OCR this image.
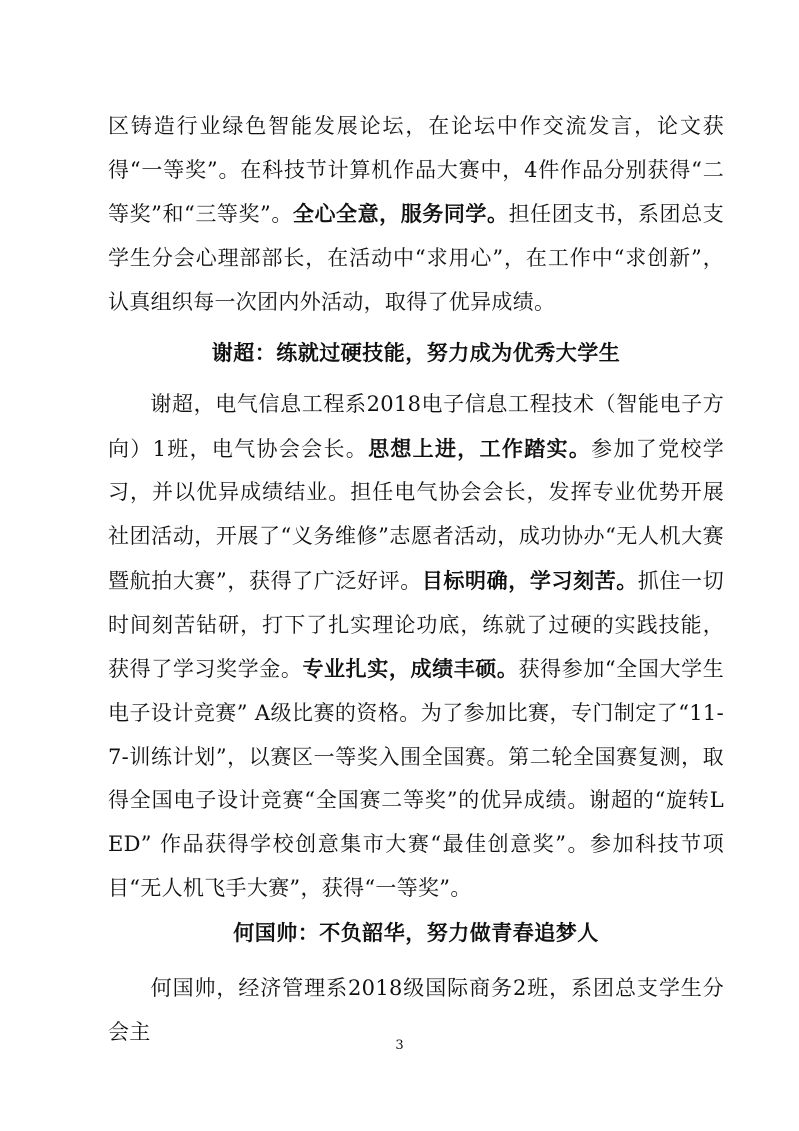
区铸造行业绿色智能发展论坛，在论坛中作交流发言，论文获得“一等奖”。在科技节计算机作品大赛中，4件作品分别获得“二等奖”和“三等奖”。全心全意，服务同学。担任团支书，系团总支学生分会心理部部长，在活动中“求用心”，在工作中“求创新”，认真组织每一次团内外活动，取得了优异成绩。

谢超：练就过硬技能，努力成为优秀大学生

谢超，电气信息工程系2018电子信息工程技术（智能电子方向）1班，电气协会会长。思想上进，工作踏实。参加了党校学习，并以优异成绩结业。担任电气协会会长，发挥专业优势开展社团活动，开展了“义务维修”志愿者活动，成功协办“无人机大赛暨航拍大赛”，获得了广泛好评。目标明确，学习刻苦。抓住一切时间刻苦钻研，打下了扎实理论功底，练就了过硬的实践技能，获得了学习奖学金。专业扎实，成绩丰硕。获得参加“全国大学生电子设计竞赛” A级比赛的资格。为了参加比赛，专门制定了“11-7-训练计划”，以赛区一等奖入围全国赛。第二轮全国赛复测，取得全国电子设计竞赛“全国赛二等奖”的优异成绩。谢超的“旋转LED” 作品获得学校创意集市大赛“最佳创意奖”。参加科技节项目“无人机飞手大赛”，获得“一等奖”。

何国帅：不负韶华，努力做青春追梦人

何国帅，经济管理系2018级国际商务2班，系团总支学生分会主

3
